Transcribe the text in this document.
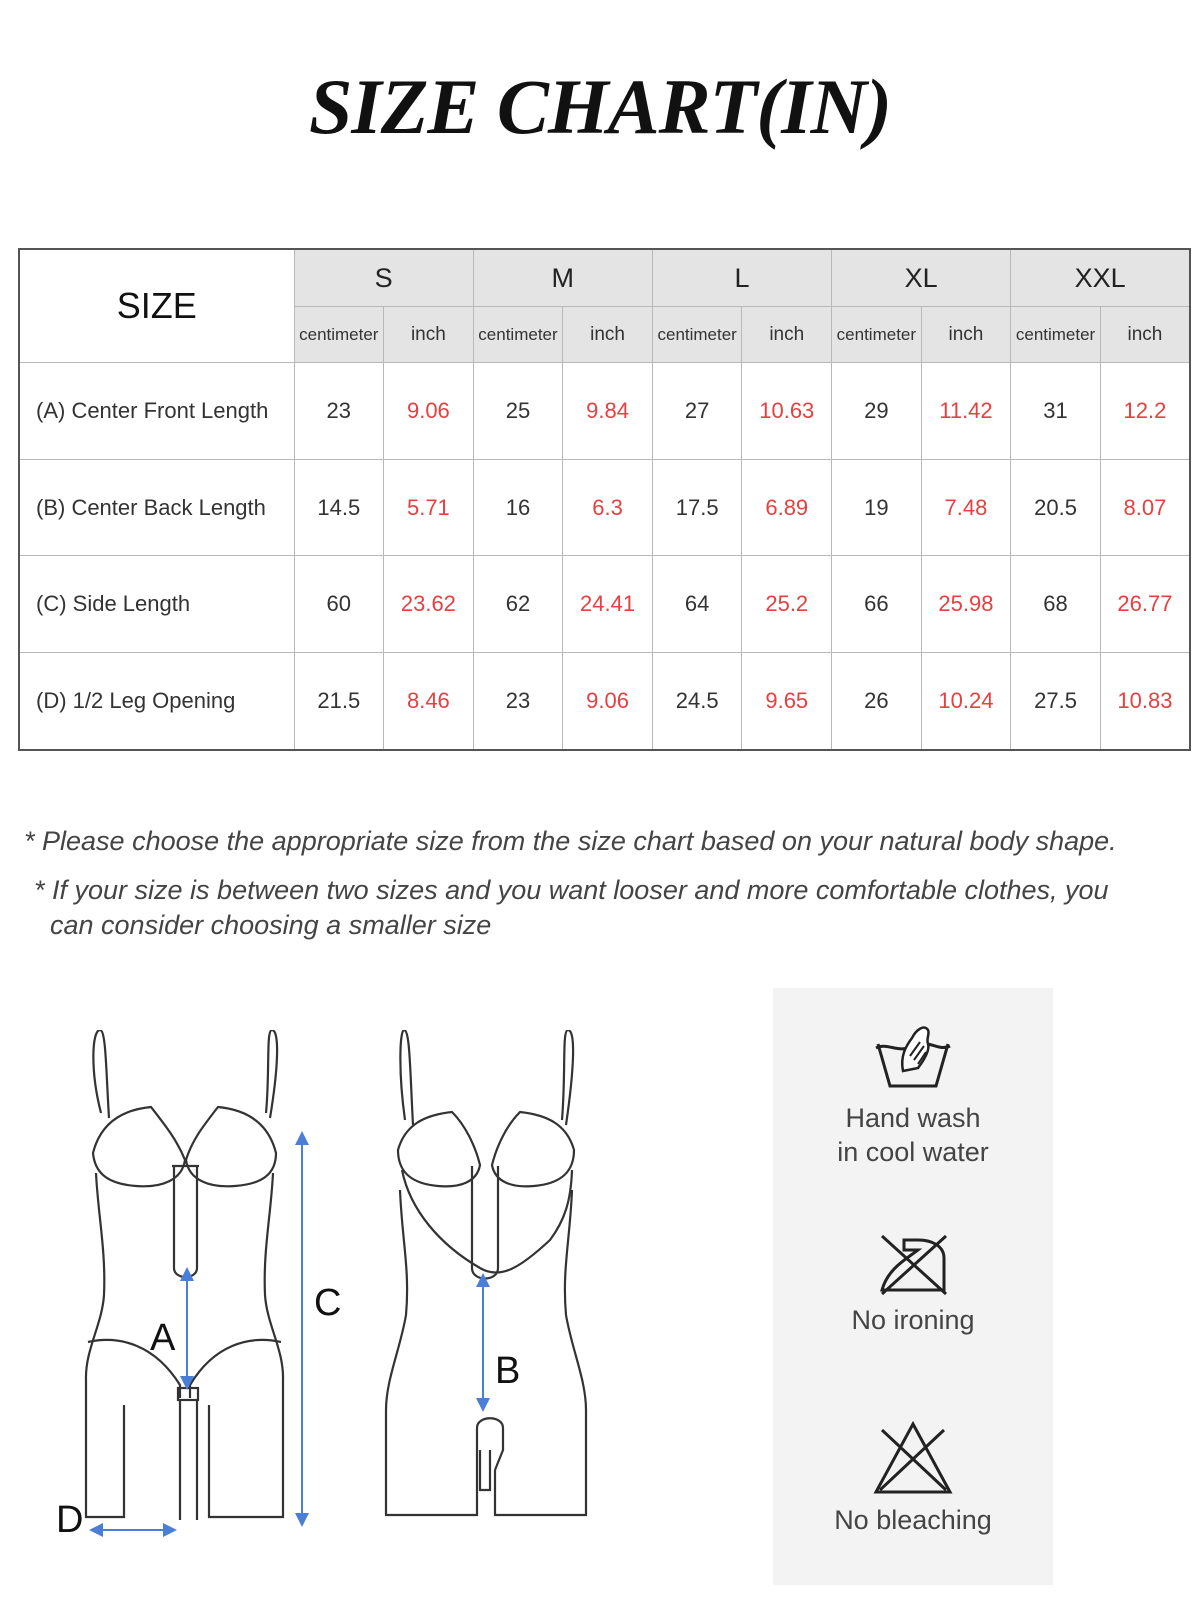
SIZE CHART(IN)
SIZE	S		M		L		XL		XXL	
	centimeter	inch	centimeter	inch	centimeter	inch	centimeter	inch	centimeter	inch
(A) Center Front Length	23	9.06	25	9.84	27	10.63	29	11.42	31	12.2
(B) Center Back Length	14.5	5.71	16	6.3	17.5	6.89	19	7.48	20.5	8.07
(C) Side Length	60	23.62	62	24.41	64	25.2	66	25.98	68	26.77
(D) 1/2 Leg Opening	21.5	8.46	23	9.06	24.5	9.65	26	10.24	27.5	10.83
* Please choose the appropriate size from the size chart based on your natural body shape.
* If your size is between two sizes and you want looser and more comfortable clothes, you
can consider choosing a smaller size
A
C
D
B
Hand wash
in cool water
No ironing
No bleaching
